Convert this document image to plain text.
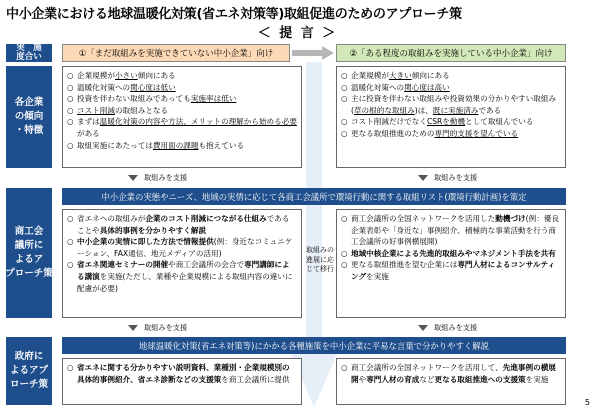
中小企業における地球温暖化対策(省エネ対策等)取組促進のためのアプローチ策
＜ 提 言 ＞
実　施
度合い	①「まだ取組みを実施できていない中小企業」向け	②「ある程度の取組みを実施している中小企業」向け
各企業
の傾向
・特徴
○ 企業規模が小さい傾向にある
○ 温暖化対策への関心度は低い
○ 投資を伴わない取組みであっても実施率は低い
○ コスト削減の取組みとなる
○ まずは温暖化対策の内容や方法、メリットの理解から始める必要がある
○ 取組実施にあたっては費用面の課題も抱えている
○ 企業規模が大きい傾向にある
○ 温暖化対策への関心度は高い
○ 主に投資を伴わない取組みや投資効果の分かりやすい取組み(草の根的な取組み)は、既に実施済みである
○ コスト削減だけでなくCSRを動機として取組んでいる
○ 更なる取組推進のための専門的支援を望んでいる
取組みを支援	取組みを支援
商工会
議所に
よるア
プローチ策
中小企業の実態やニーズ、地域の実情に応じて各商工会議所で環境行動に関する取組リスト(環境行動計画)を策定
○ 省エネへの取組みが企業のコスト削減につながる仕組みであることや具体的事例を分かりやすく解説
○ 中小企業の実情に即した方法で情報提供(例：身近なコミュニケーション、FAX通信、地元メディアの活用)
○ 省エネ関連セミナーの開催や商工会議所の会合で専門講師による講演を実施(ただし、業種や企業規模による取組内容の違いに配慮が必要)
○ 商工会議所の全国ネットワークを活用した動機づけ(例：優良企業表彰や「身近な」事例紹介、積極的な事業活動を行う商工会議所の好事例横展開)
○ 地域中核企業による先進的取組みやマネジメント手法を共有
○ 更なる取組推進を望む企業には専門人材によるコンサルティングを実施
取組みの進展に応じて移行
取組みを支援	取組みを支援
政府に
よるアプ
ローチ策
地球温暖化対策(省エネ対策等)にかかる各種施策を中小企業に平易な言葉で分かりやすく解説
○ 省エネに関する分かりやすい説明資料、業種別・企業規模別の具体的事例紹介、省エネ診断などの支援策を商工会議所に提供
○ 商工会議所の全国ネットワークを活用して、先進事例の横展開や専門人材の育成など更なる取組推進への支援策を実施
5
